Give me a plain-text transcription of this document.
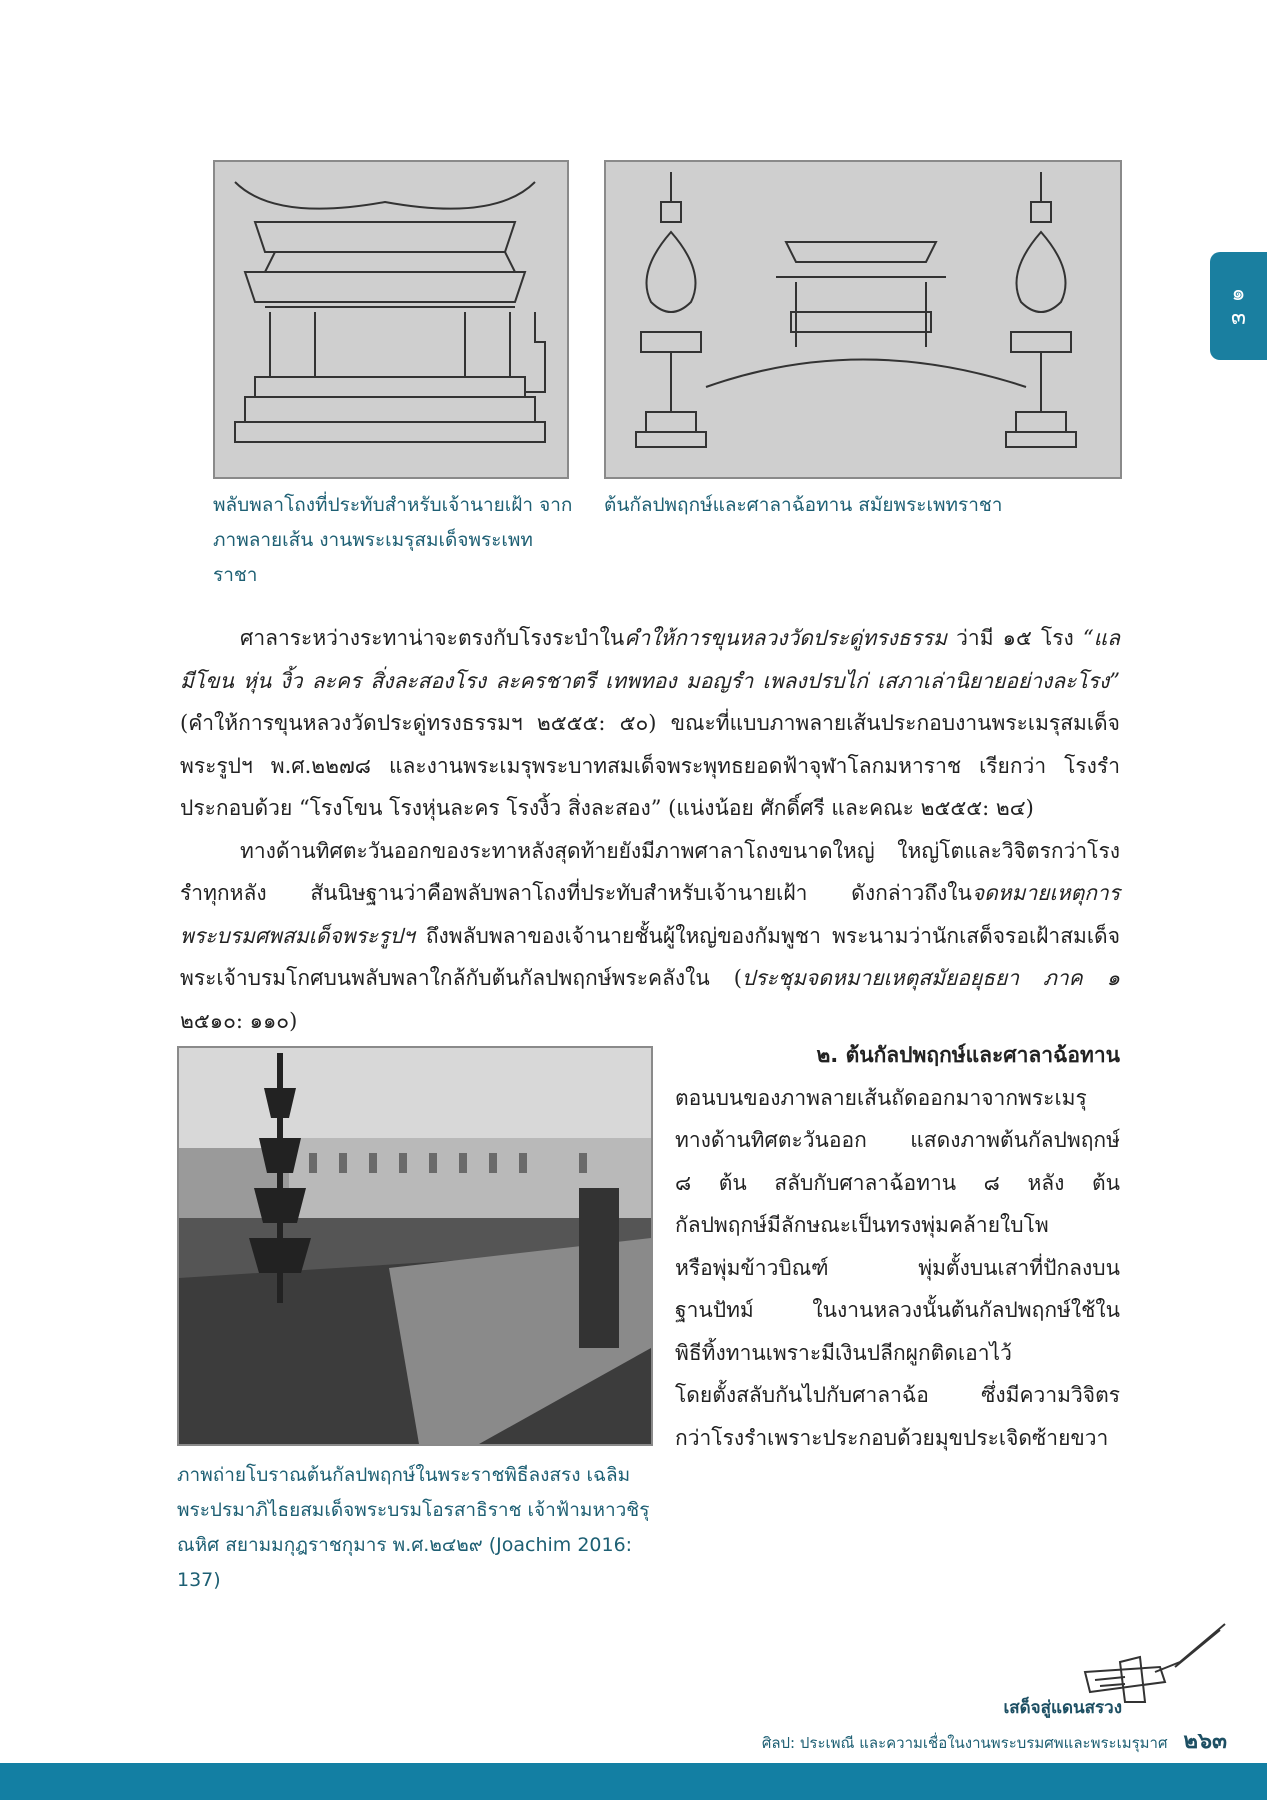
๑
๓
พลับพลาโถงที่ประทับสำหรับเจ้านายเฝ้า จากภาพลายเส้น งานพระเมรุสมเด็จพระเพทราชา
ต้นกัลปพฤกษ์และศาลาฉ้อทาน สมัยพระเพทราชา

ศาลาระหว่างระทาน่าจะตรงกับโรงระบำในคำให้การขุนหลวงวัดประดู่ทรงธรรม ว่ามี ๑๕ โรง “แลมีโขน หุ่น งิ้ว ละคร สิ่งละสองโรง ละครชาตรี เทพทอง มอญรำ เพลงปรบไก่ เสภาเล่านิยายอย่างละโรง” (คำให้การขุนหลวงวัดประดู่ทรงธรรมฯ ๒๕๕๕: ๕๐) ขณะที่แบบภาพลายเส้นประกอบงานพระเมรุสมเด็จพระรูปฯ พ.ศ.๒๒๗๘ และงานพระเมรุพระบาทสมเด็จพระพุทธยอดฟ้าจุฬาโลกมหาราช เรียกว่า โรงรำประกอบด้วย “โรงโขน โรงหุ่นละคร โรงงิ้ว สิ่งละสอง” (แน่งน้อย ศักดิ์ศรี และคณะ ๒๕๕๕: ๒๔)

ทางด้านทิศตะวันออกของระทาหลังสุดท้ายยังมีภาพศาลาโถงขนาดใหญ่ ใหญ่โตและวิจิตรกว่าโรงรำทุกหลัง สันนิษฐานว่าคือพลับพลาโถงที่ประทับสำหรับเจ้านายเฝ้า ดังกล่าวถึงในจดหมายเหตุการพระบรมศพสมเด็จพระรูปฯ ถึงพลับพลาของเจ้านายชั้นผู้ใหญ่ของกัมพูชา พระนามว่านักเสด็จรอเฝ้าสมเด็จพระเจ้าบรมโกศบนพลับพลาใกล้กับต้นกัลปพฤกษ์พระคลังใน (ประชุมจดหมายเหตุสมัยอยุธยา ภาค ๑ ๒๕๑๐: ๑๑๐)

ภาพถ่ายโบราณต้นกัลปพฤกษ์ในพระราชพิธีลงสรง เฉลิมพระปรมาภิไธยสมเด็จพระบรมโอรสาธิราช เจ้าฟ้ามหาวชิรุณหิศ สยามมกุฎราชกุมาร พ.ศ.๒๔๒๙ (Joachim 2016: 137)
๒. ต้นกัลปพฤกษ์และศาลาฉ้อทาน
ตอนบนของภาพลายเส้นถัดออกมาจากพระเมรุ
ทางด้านทิศตะวันออก แสดงภาพต้นกัลปพฤกษ์
๘ ต้น สลับกับศาลาฉ้อทาน ๘ หลัง ต้น
กัลปพฤกษ์มีลักษณะเป็นทรงพุ่มคล้ายใบโพ
หรือพุ่มข้าวบิณฑ์ พุ่มตั้งบนเสาที่ปักลงบน
ฐานปัทม์ ในงานหลวงนั้นต้นกัลปพฤกษ์ใช้ใน
พิธีทิ้งทานเพราะมีเงินปลีกผูกติดเอาไว้
โดยตั้งสลับกันไปกับศาลาฉ้อ ซึ่งมีความวิจิตร
กว่าโรงรำเพราะประกอบด้วยมุขประเจิดซ้ายขวา
เสด็จสู่แดนสรวง
ศิลป: ประเพณี และความเชื่อในงานพระบรมศพและพระเมรุมาศ ๒๖๓
